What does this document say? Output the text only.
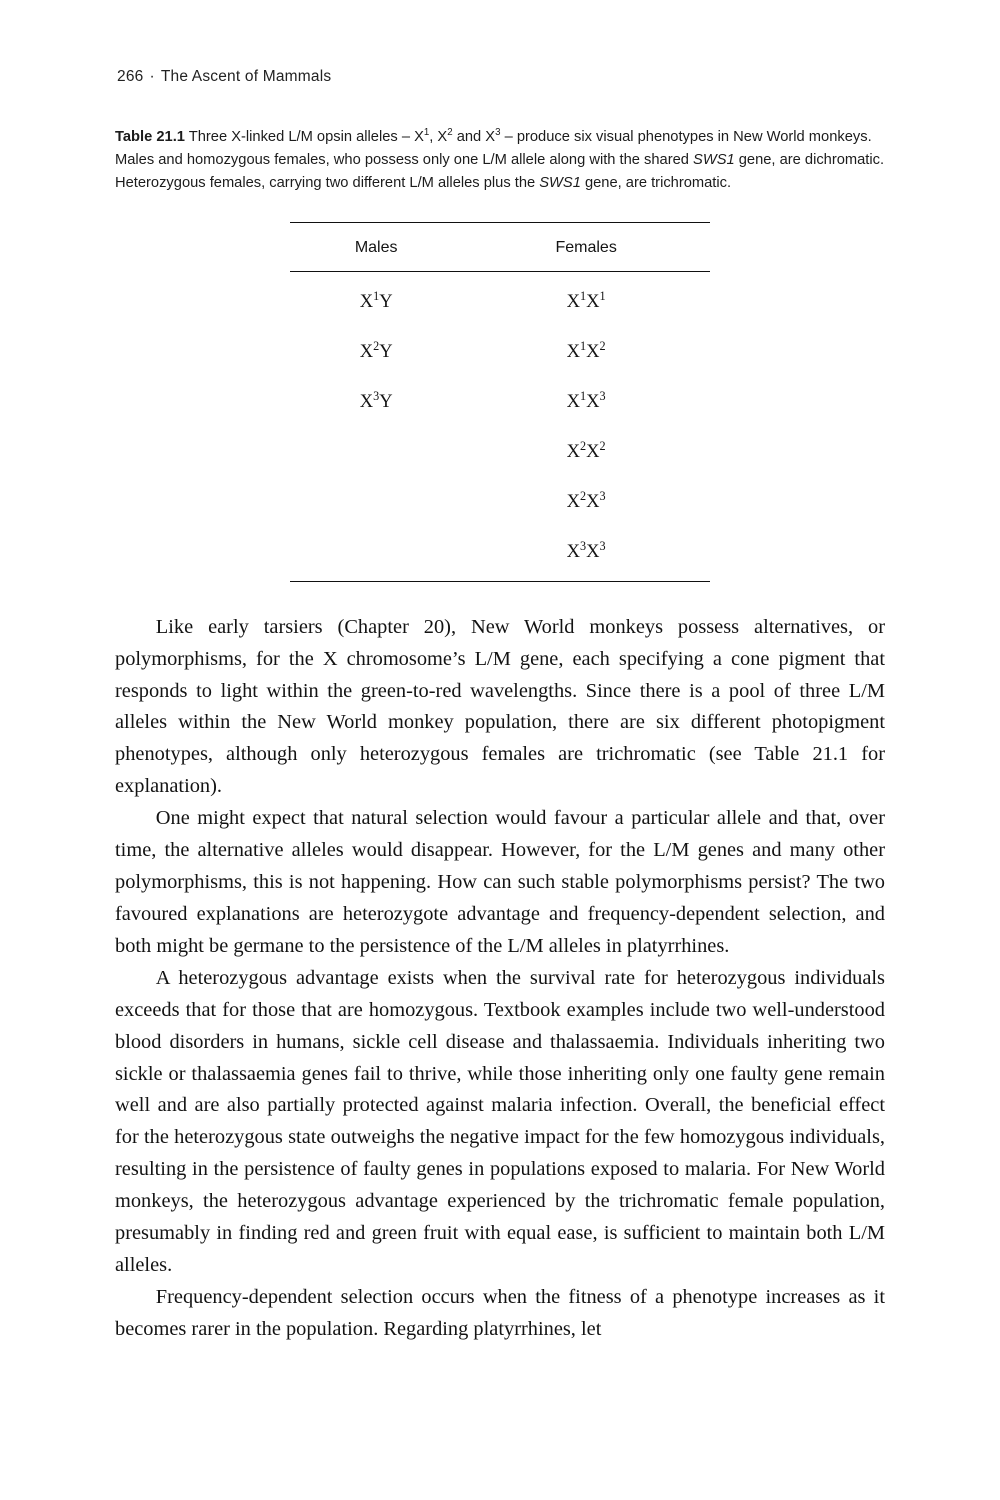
266 · The Ascent of Mammals
Table 21.1 Three X-linked L/M opsin alleles – $X^1$, $X^2$ and $X^3$ – produce six visual phenotypes in New World monkeys. Males and homozygous females, who possess only one L/M allele along with the shared SWS1 gene, are dichromatic. Heterozygous females, carrying two different L/M alleles plus the SWS1 gene, are trichromatic.
Males	Females
$X^1Y$	$X^1X^1$
$X^2Y$	$X^1X^2$
$X^3Y$	$X^1X^3$
	$X^2X^2$
	$X^2X^3$
	$X^3X^3$

Like early tarsiers (Chapter 20), New World monkeys possess alternatives, or polymorphisms, for the X chromosome’s L/M gene, each specifying a cone pigment that responds to light within the green-to-red wavelengths. Since there is a pool of three L/M alleles within the New World monkey population, there are six different photopigment phenotypes, although only heterozygous females are trichromatic (see Table 21.1 for explanation).

One might expect that natural selection would favour a particular allele and that, over time, the alternative alleles would disappear. However, for the L/M genes and many other polymorphisms, this is not happening. How can such stable polymorphisms persist? The two favoured explanations are heterozygote advantage and frequency-dependent selection, and both might be germane to the persistence of the L/M alleles in platyrrhines.

A heterozygous advantage exists when the survival rate for heterozygous individuals exceeds that for those that are homozygous. Textbook examples include two well-understood blood disorders in humans, sickle cell disease and thalassaemia. Individuals inheriting two sickle or thalassaemia genes fail to thrive, while those inheriting only one faulty gene remain well and are also partially protected against malaria infection. Overall, the beneficial effect for the heterozygous state outweighs the negative impact for the few homozygous individuals, resulting in the persistence of faulty genes in populations exposed to malaria. For New World monkeys, the heterozygous advantage experienced by the trichromatic female population, presumably in finding red and green fruit with equal ease, is sufficient to maintain both L/M alleles.

Frequency-dependent selection occurs when the fitness of a phenotype increases as it becomes rarer in the population. Regarding platyrrhines, let
